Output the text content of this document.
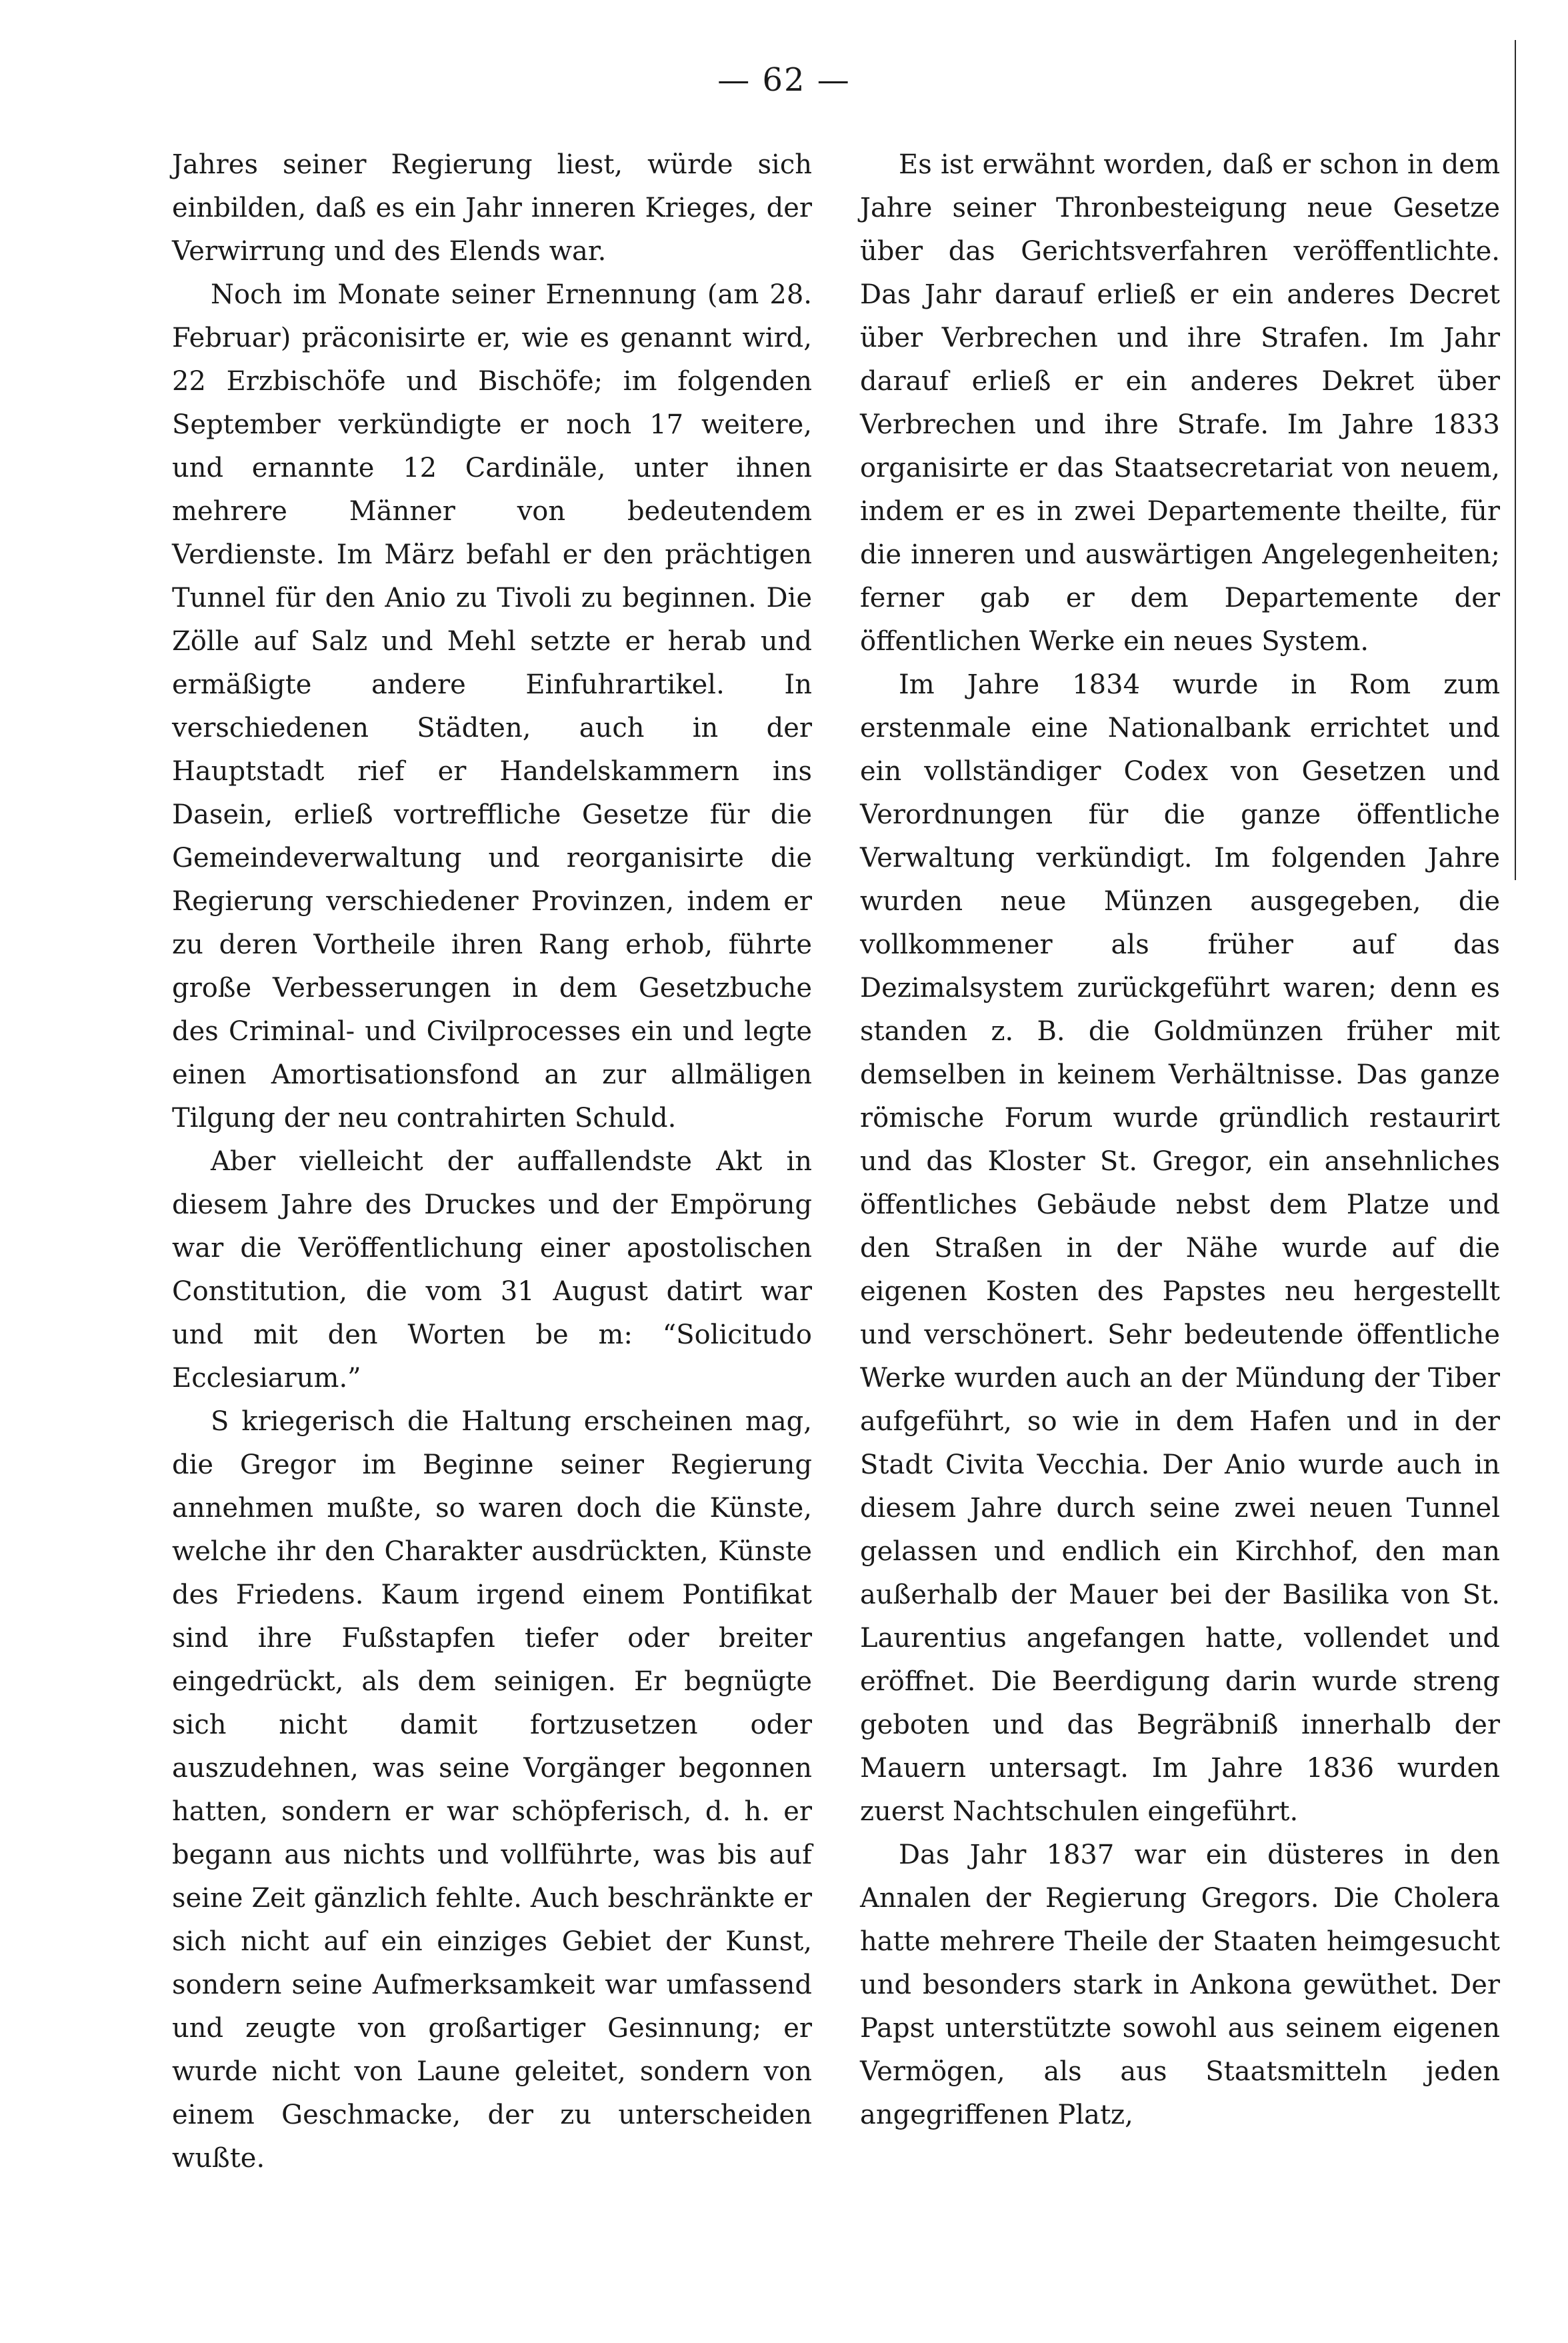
— 62 —

Jahres seiner Regierung liest, würde sich einbilden, daß es ein Jahr inneren Krieges, der Verwirrung und des Elends war.

Noch im Monate seiner Ernennung (am 28. Februar) präconisirte er, wie es genannt wird, 22 Erzbischöfe und Bischöfe; im folgenden September verkündigte er noch 17 weitere, und ernannte 12 Cardinäle, unter ihnen mehrere Männer von bedeutendem Verdienste. Im März befahl er den prächtigen Tunnel für den Anio zu Tivoli zu beginnen. Die Zölle auf Salz und Mehl setzte er herab und ermäßigte andere Einfuhrartikel. In verschiedenen Städten, auch in der Hauptstadt rief er Handelskammern ins Dasein, erließ vortreffliche Gesetze für die Gemeindeverwaltung und reorganisirte die Regierung verschiedener Provinzen, indem er zu deren Vortheile ihren Rang erhob, führte große Verbesserungen in dem Gesetzbuche des Criminal- und Civilprocesses ein und legte einen Amortisationsfond an zur allmäligen Tilgung der neu contrahirten Schuld.

Aber vielleicht der auffallendste Akt in diesem Jahre des Druckes und der Empörung war die Veröffentlichung einer apostolischen Constitution, die vom 31 August datirt war und mit den Worten be m: “Solicitudo Ecclesiarum.”

S kriegerisch die Haltung erscheinen mag, die Gregor im Beginne seiner Regierung annehmen mußte, so waren doch die Künste, welche ihr den Charakter ausdrückten, Künste des Friedens. Kaum irgend einem Pontifikat sind ihre Fußstapfen tiefer oder breiter eingedrückt, als dem seinigen. Er begnügte sich nicht damit fortzusetzen oder auszudehnen, was seine Vorgänger begonnen hatten, sondern er war schöpferisch, d. h. er begann aus nichts und vollführte, was bis auf seine Zeit gänzlich fehlte. Auch beschränkte er sich nicht auf ein einziges Gebiet der Kunst, sondern seine Aufmerksamkeit war umfassend und zeugte von großartiger Gesinnung; er wurde nicht von Laune geleitet, sondern von einem Geschmacke, der zu unterscheiden wußte.

Es ist erwähnt worden, daß er schon in dem Jahre seiner Thronbesteigung neue Gesetze über das Gerichtsverfahren veröffentlichte. Das Jahr darauf erließ er ein anderes Decret über Verbrechen und ihre Strafen. Im Jahr darauf erließ er ein anderes Dekret über Verbrechen und ihre Strafe. Im Jahre 1833 organisirte er das Staatsecretariat von neuem, indem er es in zwei Departemente theilte, für die inneren und auswärtigen Angelegenheiten; ferner gab er dem Departemente der öffentlichen Werke ein neues System.

Im Jahre 1834 wurde in Rom zum erstenmale eine Nationalbank errichtet und ein vollständiger Codex von Gesetzen und Verordnungen für die ganze öffentliche Verwaltung verkündigt. Im folgenden Jahre wurden neue Münzen ausgegeben, die vollkommener als früher auf das Dezimalsystem zurückgeführt waren; denn es standen z. B. die Goldmünzen früher mit demselben in keinem Verhältnisse. Das ganze römische Forum wurde gründlich restaurirt und das Kloster St. Gregor, ein ansehnliches öffentliches Gebäude nebst dem Platze und den Straßen in der Nähe wurde auf die eigenen Kosten des Papstes neu hergestellt und verschönert. Sehr bedeutende öffentliche Werke wurden auch an der Mündung der Tiber aufgeführt, so wie in dem Hafen und in der Stadt Civita Vecchia. Der Anio wurde auch in diesem Jahre durch seine zwei neuen Tunnel gelassen und endlich ein Kirchhof, den man außerhalb der Mauer bei der Basilika von St. Laurentius angefangen hatte, vollendet und eröffnet. Die Beerdigung darin wurde streng geboten und das Begräbniß innerhalb der Mauern untersagt. Im Jahre 1836 wurden zuerst Nachtschulen eingeführt.

Das Jahr 1837 war ein düsteres in den Annalen der Regierung Gregors. Die Cholera hatte mehrere Theile der Staaten heimgesucht und besonders stark in Ankona gewüthet. Der Papst unterstützte sowohl aus seinem eigenen Vermögen, als aus Staatsmitteln jeden angegriffenen Platz,
